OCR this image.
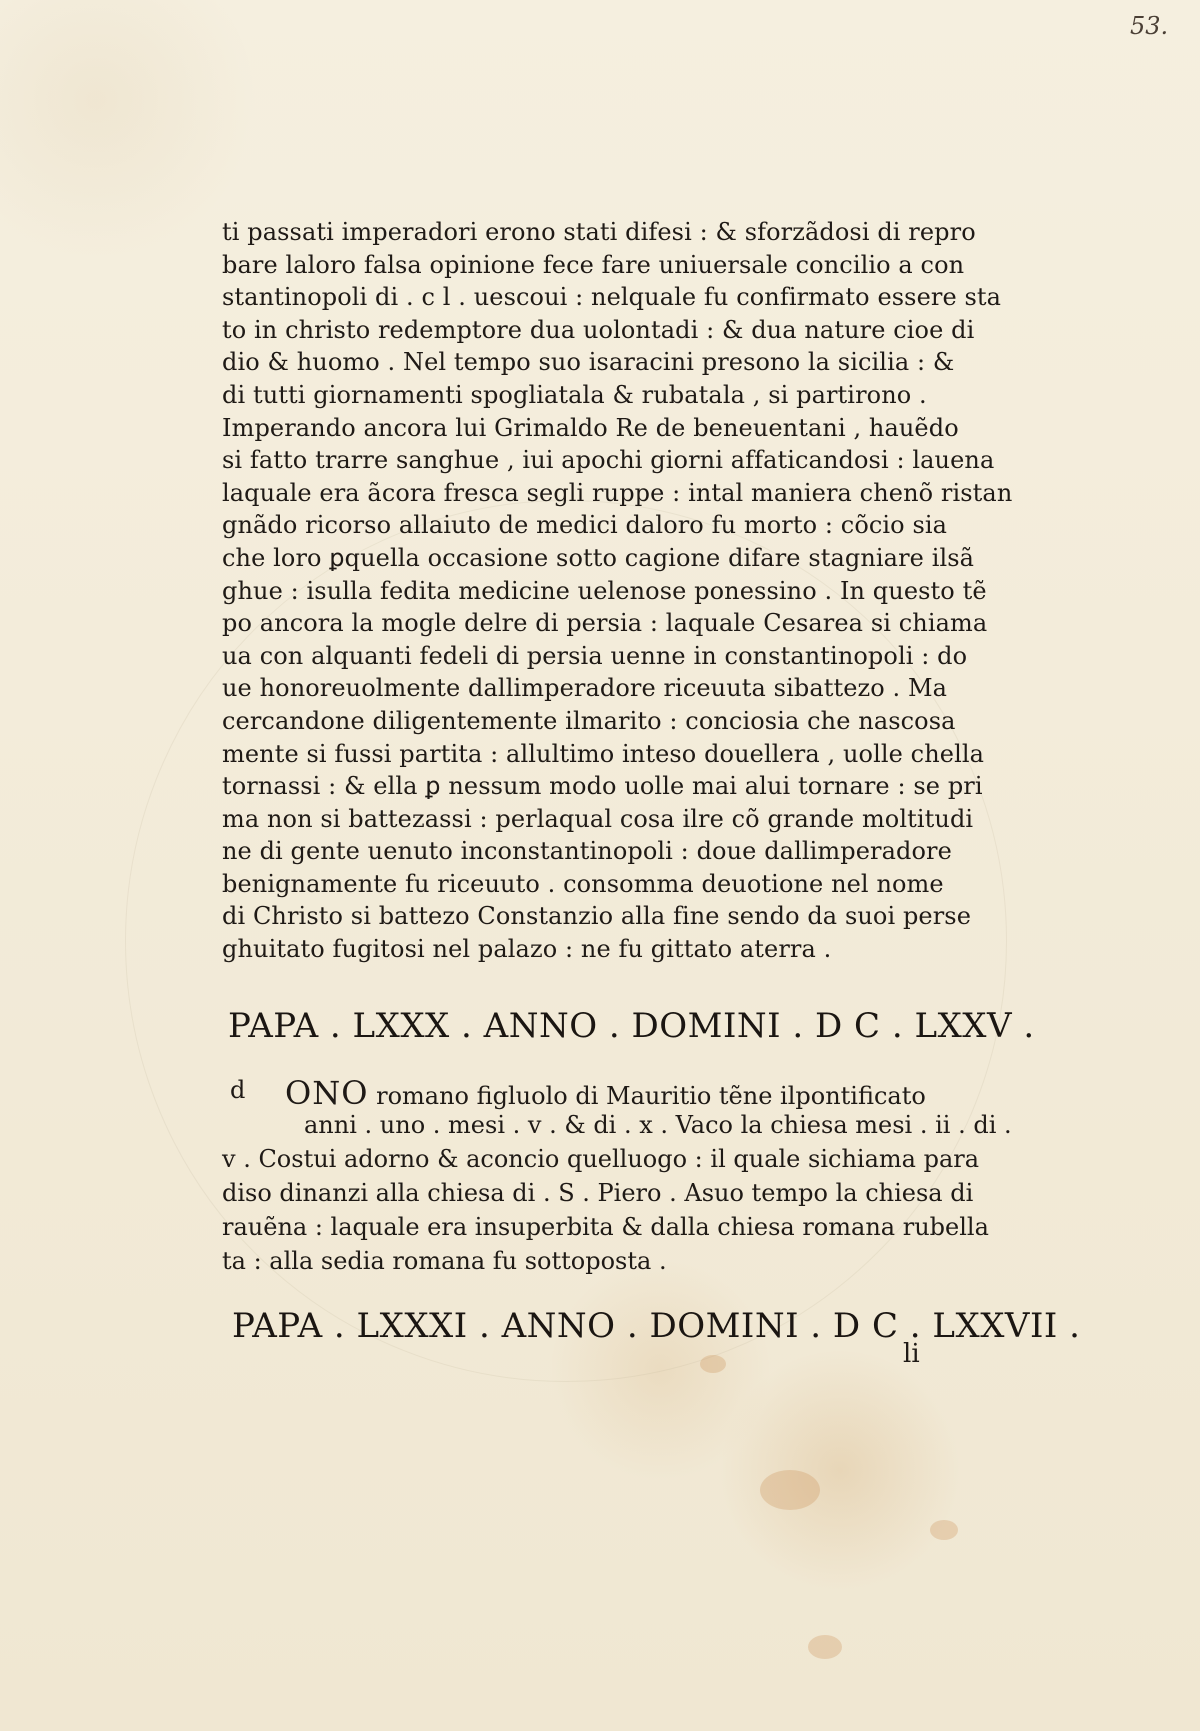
53.
ti passati imperadori erono stati difesi : & sforzãdosi di repro
bare laloro falsa opinione fece fare uniuersale concilio a con
stantinopoli di . c l . uescoui : nelquale fu confirmato essere sta
to in christo redemptore dua uolontadi : & dua nature cioe di
dio & huomo . Nel tempo suo isaracini presono la sicilia : &
di tutti giornamenti spogliatala & rubatala , si partirono .
Imperando ancora lui Grimaldo Re de beneuentani , hauẽdo
si fatto trarre sanghue , iui apochi giorni affaticandosi : lauena
laquale era ãcora fresca segli ruppe : intal maniera chenõ ristan
gnãdo ricorso allaiuto de medici daloro fu morto : cõcio sia
che loro ꝑquella occasione sotto cagione difare stagniare ilsã
ghue : isulla fedita medicine uelenose ponessino . In questo tẽ
po ancora la mogle delre di persia : laquale Cesarea si chiama
ua con alquanti fedeli di persia uenne in constantinopoli : do
ue honoreuolmente dallimperadore riceuuta sibattezo . Ma
cercandone diligentemente ilmarito : conciosia che nascosa
mente si fussi partita : allultimo inteso douellera , uolle chella
tornassi : & ella ꝑ nessum modo uolle mai alui tornare : se pri
ma non si battezassi : perlaqual cosa ilre cõ grande moltitudi
ne di gente uenuto inconstantinopoli : doue dallimperadore
benignamente fu riceuuto . consomma deuotione nel nome
di Christo si battezo Constanzio alla fine sendo da suoi perse
ghuitato fugitosi nel palazo : ne fu gittato aterra .
PAPA . LXXX . ANNO . DOMINI . D C . LXXV .
d ONO romano figluolo di Mauritio tẽne ilpontificato
anni . uno . mesi . v . & di . x . Vaco la chiesa mesi . ii . di .
v . Costui adorno & aconcio quelluogo : il quale sichiama para
diso dinanzi alla chiesa di . S . Piero . Asuo tempo la chiesa di
rauẽna : laquale era insuperbita & dalla chiesa romana rubella
ta : alla sedia romana fu sottoposta .
PAPA . LXXXI . ANNO . DOMINI . D C . LXXVII .
li
